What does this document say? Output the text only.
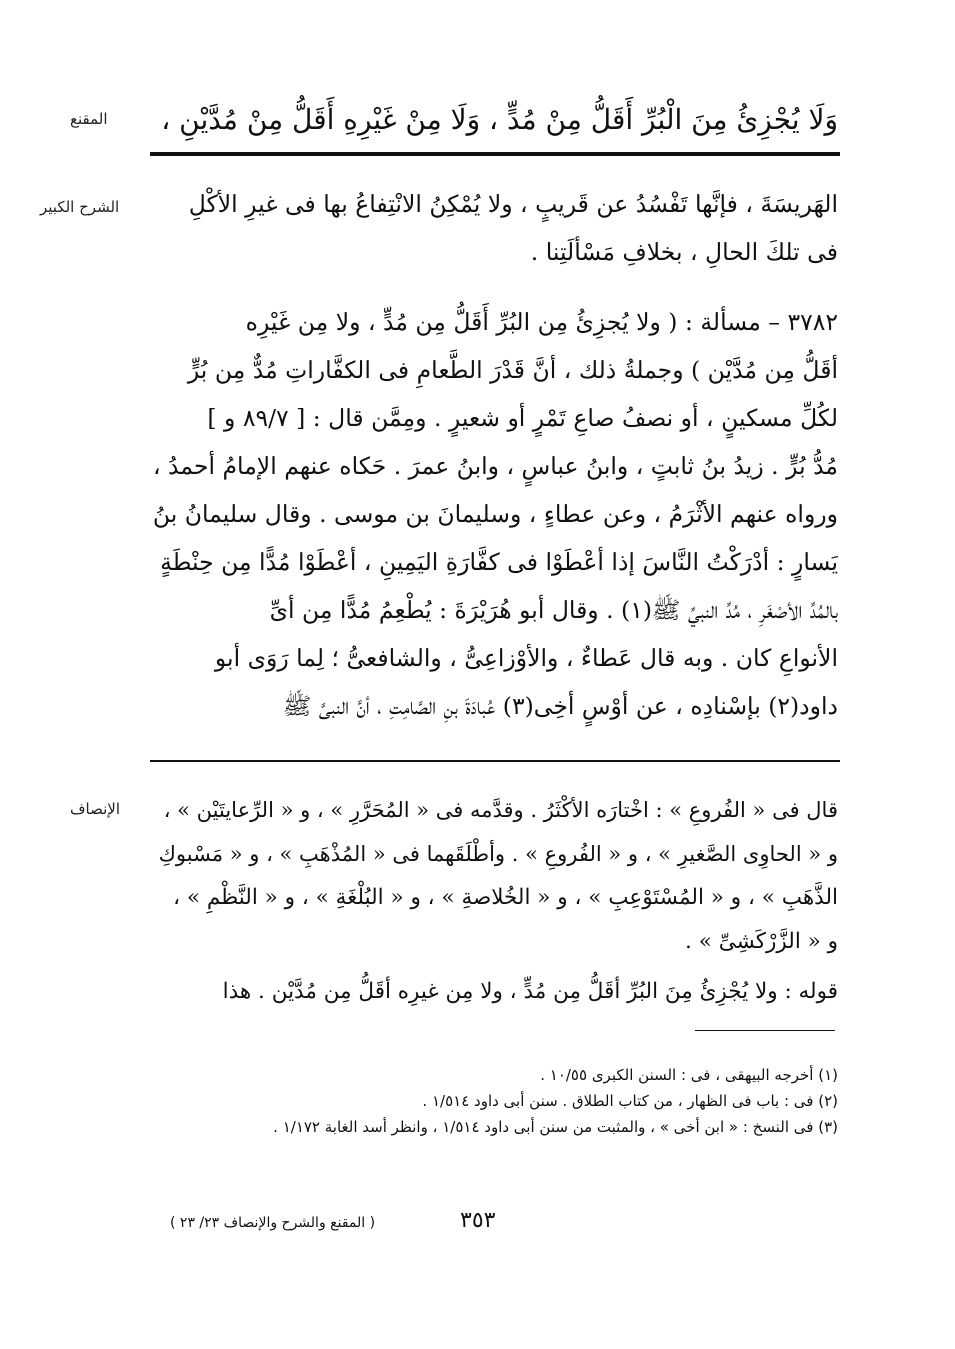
المقنع	وَلَا يُجْزِئُ مِنَ الْبُرِّ أَقَلُّ مِنْ مُدٍّ ، وَلَا مِنْ غَيْرِهِ أَقَلُّ مِنْ مُدَّيْنِ ،
الشرح الكبير	الهَريسَةَ ، فإنَّها تَفْسُدُ عن قَريبٍ ، ولا يُمْكِنُ الانْتِفاعُ بها فى غيرِ الأكْلِ
فى تلكَ الحالِ ، بخلافِ مَسْألَتِنا .
٣٧٨٢ – مسألة : ( ولا يُجزِئُ مِن البُرِّ أَقَلُّ مِن مُدٍّ ، ولا مِن غَيْرِه
أقَلُّ مِن مُدَّيْن ) وجملةُ ذلك ، أنَّ قَدْرَ الطَّعامِ فى الكفَّاراتِ مُدٌّ مِن بُرٍّ
لكُلِّ مسكينٍ ، أو نصفُ صاعِ تَمْرٍ أو شعيرٍ . ومِمَّن قال : [ ٨٩/٧ و ]
مُدُّ بُرٍّ . زيدُ بنُ ثابتٍ ، وابنُ عباسٍ ، وابنُ عمرَ . حَكاه عنهم الإمامُ أحمدُ ،
ورواه عنهم الأثْرَمُ ، وعن عطاءٍ ، وسليمانَ بن موسى . وقال سليمانُ بنُ
يَسارٍ : أدْرَكْتُ النَّاسَ إذا أعْطَوْا فى كفَّارَةِ اليَمِينِ ، أعْطَوْا مُدًّا مِن حِنْطَةٍ
بالمُدِّ الأصْغَرِ ، مُدِّ النبيِّ ﷺ(١) . وقال أبو هُرَيْرَةَ : يُطْعِمُ مُدًّا مِن أىِّ
الأنواعِ كان . وبه قال عَطاءٌ ، والأوْزاعِىُّ ، والشافعىُّ ؛ لِما رَوَى أبو
داود(٢) بإسْنادِه ، عن أوْسٍ أخِى(٣) عُبادَةَ بنِ الصَّامِتِ ، أنَّ النبىَّ ﷺ
الإنصاف	قال فى « الفُروعِ » : اخْتارَه الأكْثَرُ . وقدَّمه فى « المُحَرَّرِ » ، و « الرِّعايتَيْن » ،
و « الحاوِى الصَّغيرِ » ، و « الفُروعِ » . وأطْلَقَهما فى « المُذْهَبِ » ، و « مَسْبوكِ
الذَّهَبِ » ، و « المُسْتَوْعِبِ » ، و « الخُلاصةِ » ، و « البُلْغَةِ » ، و « النَّظْمِ » ،
و « الزَّرْكَشِىِّ » .
قوله : ولا يُجْزِئُ مِنَ البُرِّ أقَلُّ مِن مُدٍّ ، ولا مِن غيرِه أقَلُّ مِن مُدَّيْن . هذا
(١) أخرجه البيهقى ، فى : السنن الكبرى ١٠/٥٥ .
(٢) فى : باب فى الظهار ، من كتاب الطلاق . سنن أبى داود ١/٥١٤ .
(٣) فى النسخ : « ابن أخى » ، والمثبت من سنن أبى داود ١/٥١٤ ، وانظر أسد الغابة ١/١٧٢ .
٣٥٣
( المقنع والشرح والإنصاف ٢٣/ ٢٣ )
